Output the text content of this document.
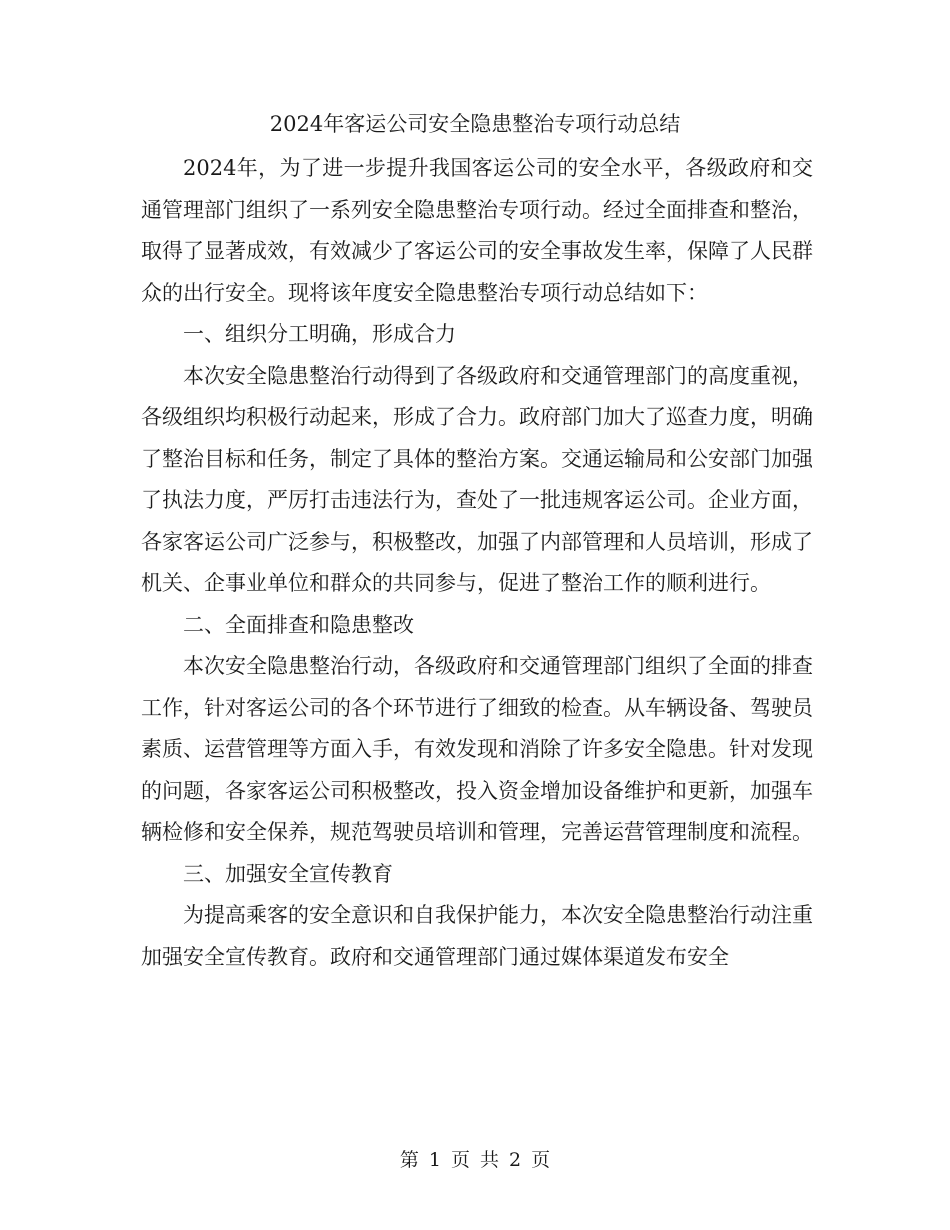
2024年客运公司安全隐患整治专项行动总结

2024年，为了进一步提升我国客运公司的安全水平，各级政府和交通管理部门组织了一系列安全隐患整治专项行动。经过全面排查和整治，取得了显著成效，有效减少了客运公司的安全事故发生率，保障了人民群众的出行安全。现将该年度安全隐患整治专项行动总结如下：

一、组织分工明确，形成合力

本次安全隐患整治行动得到了各级政府和交通管理部门的高度重视，各级组织均积极行动起来，形成了合力。政府部门加大了巡查力度，明确了整治目标和任务，制定了具体的整治方案。交通运输局和公安部门加强了执法力度，严厉打击违法行为，查处了一批违规客运公司。企业方面，各家客运公司广泛参与，积极整改，加强了内部管理和人员培训，形成了机关、企事业单位和群众的共同参与，促进了整治工作的顺利进行。

二、全面排查和隐患整改

本次安全隐患整治行动，各级政府和交通管理部门组织了全面的排查工作，针对客运公司的各个环节进行了细致的检查。从车辆设备、驾驶员素质、运营管理等方面入手，有效发现和消除了许多安全隐患。针对发现的问题，各家客运公司积极整改，投入资金增加设备维护和更新，加强车辆检修和安全保养，规范驾驶员培训和管理，完善运营管理制度和流程。

三、加强安全宣传教育

为提高乘客的安全意识和自我保护能力，本次安全隐患整治行动注重加强安全宣传教育。政府和交通管理部门通过媒体渠道发布安全

第 1 页 共 2 页
